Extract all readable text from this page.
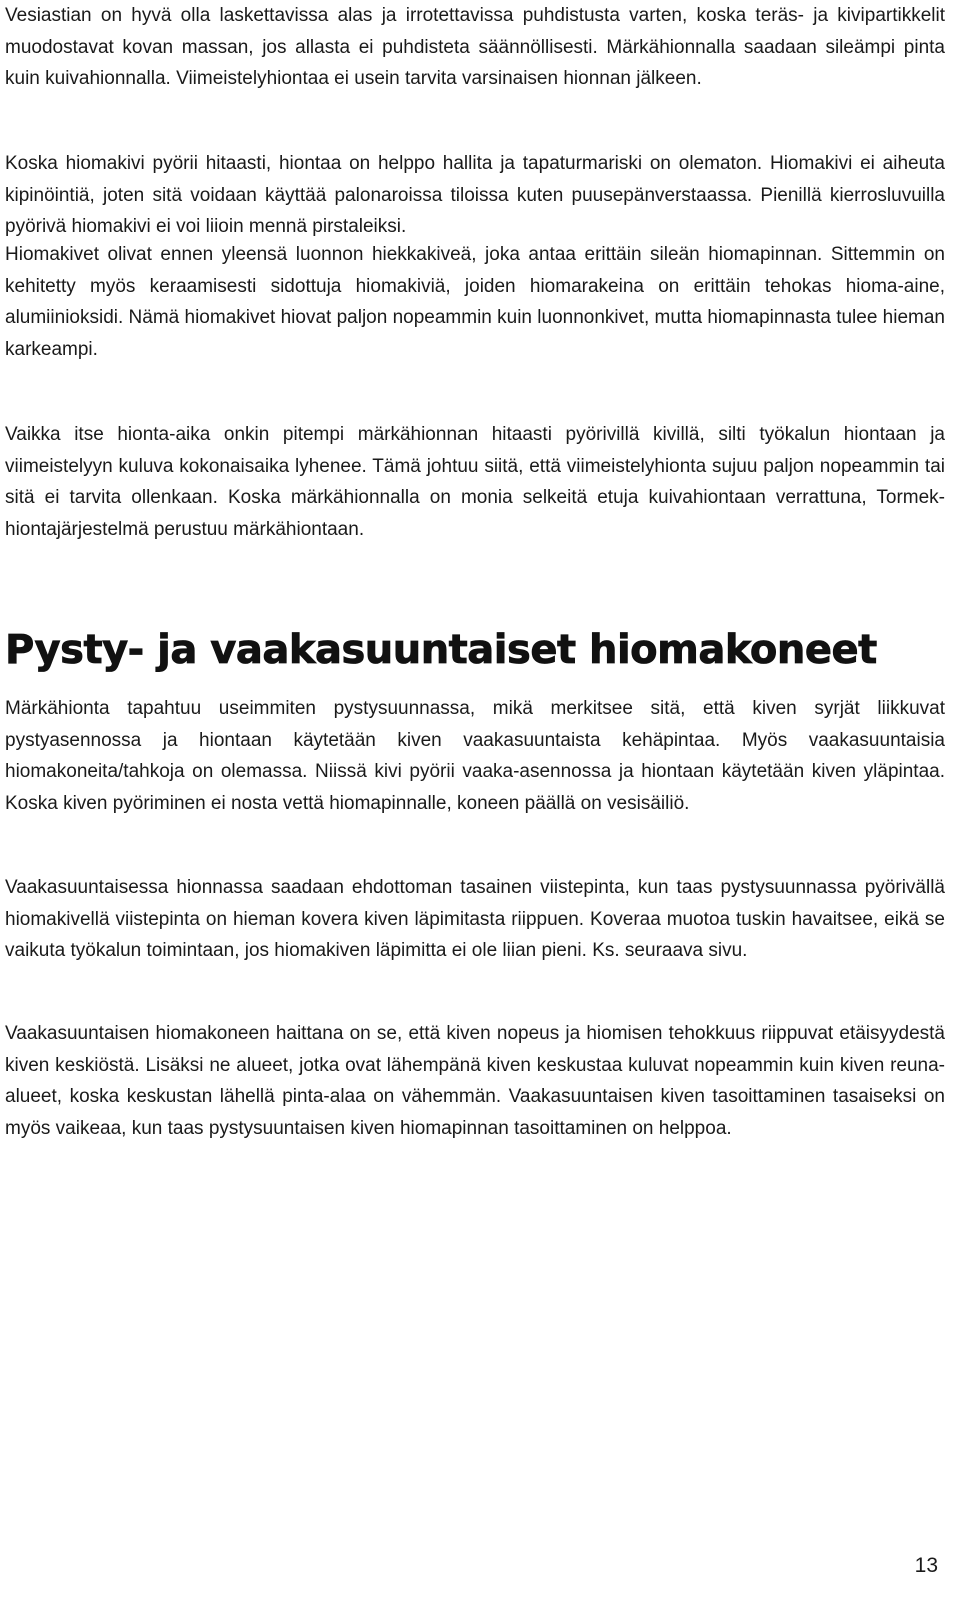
Vesiastian on hyvä olla laskettavissa alas ja irrotettavissa puhdistusta varten, koska teräs- ja kivipartikkelit muodostavat kovan massan, jos allasta ei puhdisteta säännöllisesti. Märkähionnalla saadaan sileämpi pinta kuin kuivahionnalla. Viimeistelyhiontaa ei usein tarvita varsinaisen hionnan jälkeen.

Koska hiomakivi pyörii hitaasti, hiontaa on helppo hallita ja tapaturmariski on olematon. Hiomakivi ei aiheuta kipinöintiä, joten sitä voidaan käyttää palonaroissa tiloissa kuten puusepänverstaassa. Pienillä kierrosluvuilla pyörivä hiomakivi ei voi liioin mennä pirstaleiksi.

Hiomakivet olivat ennen yleensä luonnon hiekkakiveä, joka antaa erittäin sileän hiomapinnan. Sittemmin on kehitetty myös keraamisesti sidottuja hiomakiviä, joiden hiomarakeina on erittäin tehokas hioma-aine, alumiinioksidi. Nämä hiomakivet hiovat paljon nopeammin kuin luonnonkivet, mutta hiomapinnasta tulee hieman karkeampi.

Vaikka itse hionta-aika onkin pitempi märkähionnan hitaasti pyörivillä kivillä, silti työkalun hiontaan ja viimeistelyyn kuluva kokonaisaika lyhenee. Tämä johtuu siitä, että viimeistelyhionta sujuu paljon nopeammin tai sitä ei tarvita ollenkaan. Koska märkähionnalla on monia selkeitä etuja kuivahiontaan verrattuna, Tormek-hiontajärjestelmä perustuu märkähiontaan.

Pysty- ja vaakasuuntaiset hiomakoneet

Märkähionta tapahtuu useimmiten pystysuunnassa, mikä merkitsee sitä, että kiven syrjät liikkuvat pystyasennossa ja hiontaan käytetään kiven vaakasuuntaista kehäpintaa. Myös vaakasuuntaisia hiomakoneita/tahkoja on olemassa. Niissä kivi pyörii vaaka-asennossa ja hiontaan käytetään kiven yläpintaa. Koska kiven pyöriminen ei nosta vettä hiomapinnalle, koneen päällä on vesisäiliö.

Vaakasuuntaisessa hionnassa saadaan ehdottoman tasainen viistepinta, kun taas pystysuunnassa pyörivällä hiomakivellä viistepinta on hieman kovera kiven läpimitasta riippuen. Koveraa muotoa tuskin havaitsee, eikä se vaikuta työkalun toimintaan, jos hiomakiven läpimitta ei ole liian pieni. Ks. seuraava sivu.

Vaakasuuntaisen hiomakoneen haittana on se, että kiven nopeus ja hiomisen tehokkuus riippuvat etäisyydestä kiven keskiöstä. Lisäksi ne alueet, jotka ovat lähempänä kiven keskustaa kuluvat nopeammin kuin kiven reuna-alueet, koska keskustan lähellä pinta-alaa on vähemmän. Vaakasuuntaisen kiven tasoittaminen tasaiseksi on myös vaikeaa, kun taas pystysuuntaisen kiven hiomapinnan tasoittaminen on helppoa.

13
